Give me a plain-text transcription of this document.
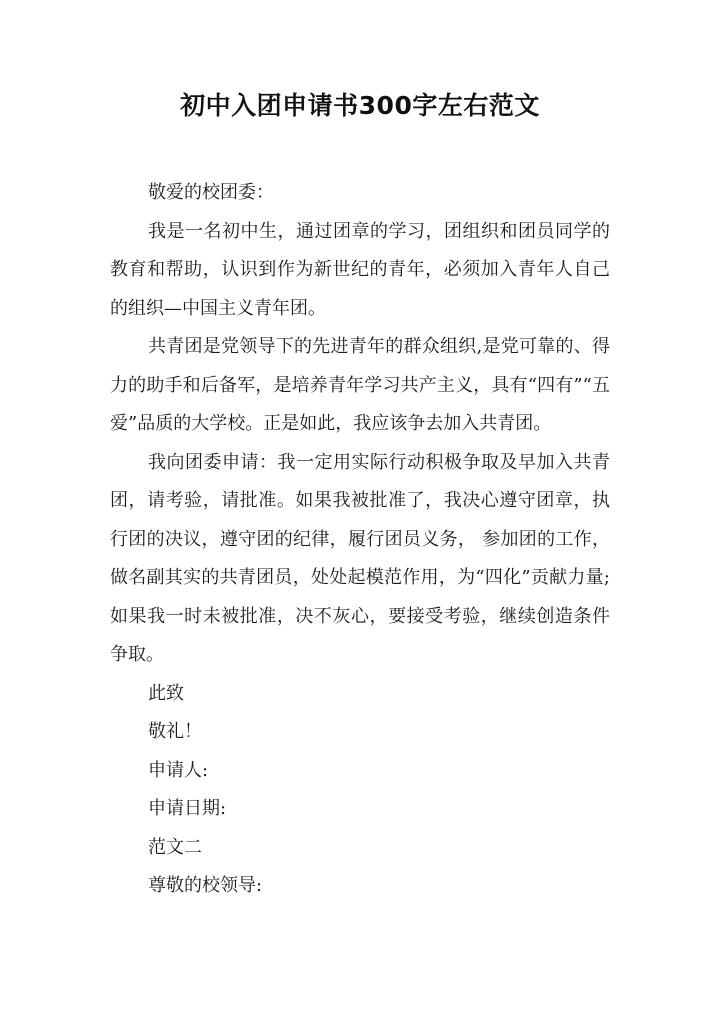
初中入团申请书300字左右范文

敬爱的校团委：

我是一名初中生，通过团章的学习，团组织和团员同学的教育和帮助，认识到作为新世纪的青年，必须加入青年人自己的组织—中国主义青年团。

共青团是党领导下的先进青年的群众组织,是党可靠的、得力的助手和后备军，是培养青年学习共产主义，具有“四有”“五爱”品质的大学校。正是如此，我应该争去加入共青团。

我向团委申请：我一定用实际行动积极争取及早加入共青团，请考验，请批准。如果我被批准了，我决心遵守团章，执行团的决议，遵守团的纪律，履行团员义务， 参加团的工作，做名副其实的共青团员，处处起模范作用，为“四化”贡献力量;如果我一时未被批准，决不灰心，要接受考验，继续创造条件争取。

此致

敬礼！

申请人:

申请日期:

范文二

尊敬的校领导:
